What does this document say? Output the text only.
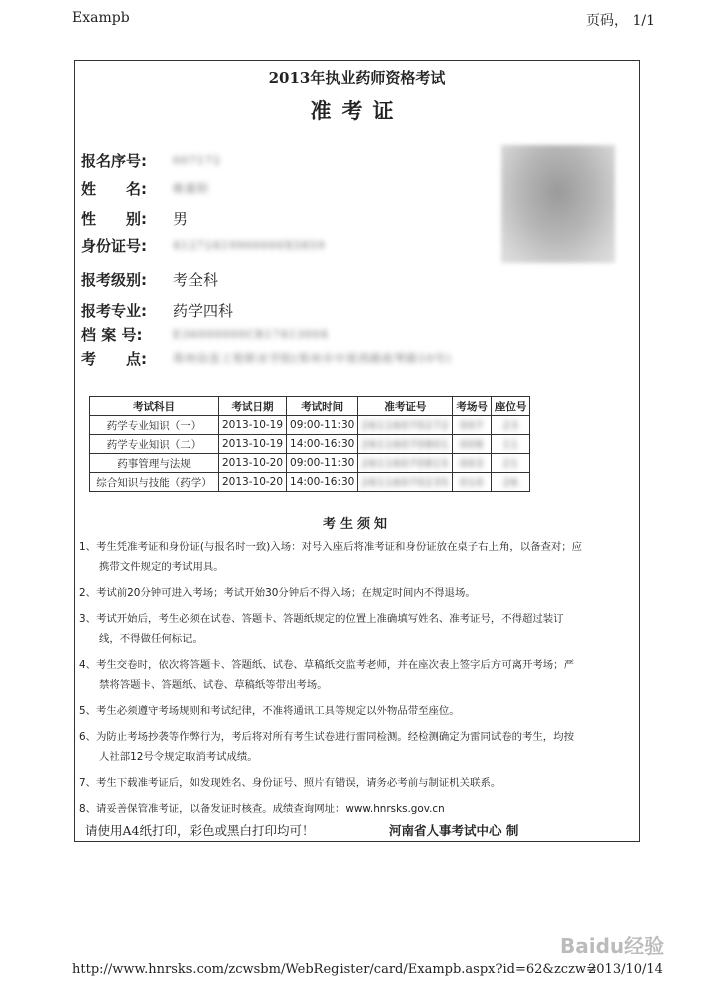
Exampb	页码， 1/1
2013年执业药师资格考试
准考证
报名序号:	007172
姓　　名:	姚重阳
性　　别:	男
身份证号:	41272419900000X5859
报考级别:	考全科
报考专业:	药学四科
档 案 号:	E36000000CR17413004
考　　点:	郑州信息工程职业学院(郑州市中原西路政琴路10号)
考试科目	考试日期	考试时间	准考证号	考场号	座位号
药学专业知识（一）	2013-10-19	09:00-11:30	26116070272	007	23
药学专业知识（二）	2013-10-19	14:00-16:30	26116070801	008	11
药事管理与法规	2013-10-20	09:00-11:30	26116070815	003	21
综合知识与技能（药学）	2013-10-20	14:00-16:30	26116070235	010	26
考生须知
1、考生凭准考证和身份证(与报名时一致)入场：对号入座后将准考证和身份证放在桌子右上角，以备查对；应
携带文件规定的考试用具。
2、考试前20分钟可进入考场；考试开始30分钟后不得入场；在规定时间内不得退场。
3、考试开始后，考生必须在试卷、答题卡、答题纸规定的位置上准确填写姓名、准考证号，不得超过装订
线，不得做任何标记。
4、考生交卷时，依次将答题卡、答题纸、试卷、草稿纸交监考老师，并在座次表上签字后方可离开考场；严
禁将答题卡、答题纸、试卷、草稿纸等带出考场。
5、考生必须遵守考场规则和考试纪律，不准将通讯工具等规定以外物品带至座位。
6、为防止考场抄袭等作弊行为，考后将对所有考生试卷进行雷同检测。经检测确定为雷同试卷的考生，均按
人社部12号令规定取消考试成绩。
7、考生下载准考证后，如发现姓名、身份证号、照片有错误，请务必考前与制证机关联系。
8、请妥善保管准考证，以备发证时核查。成绩查询网址：www.hnrsks.gov.cn
请使用A4纸打印，彩色或黑白打印均可！	河南省人事考试中心 制
Baidu经验
http://www.hnrsks.com/zcwsbm/WebRegister/card/Exampb.aspx?id=62&zczw=
2013/10/14
